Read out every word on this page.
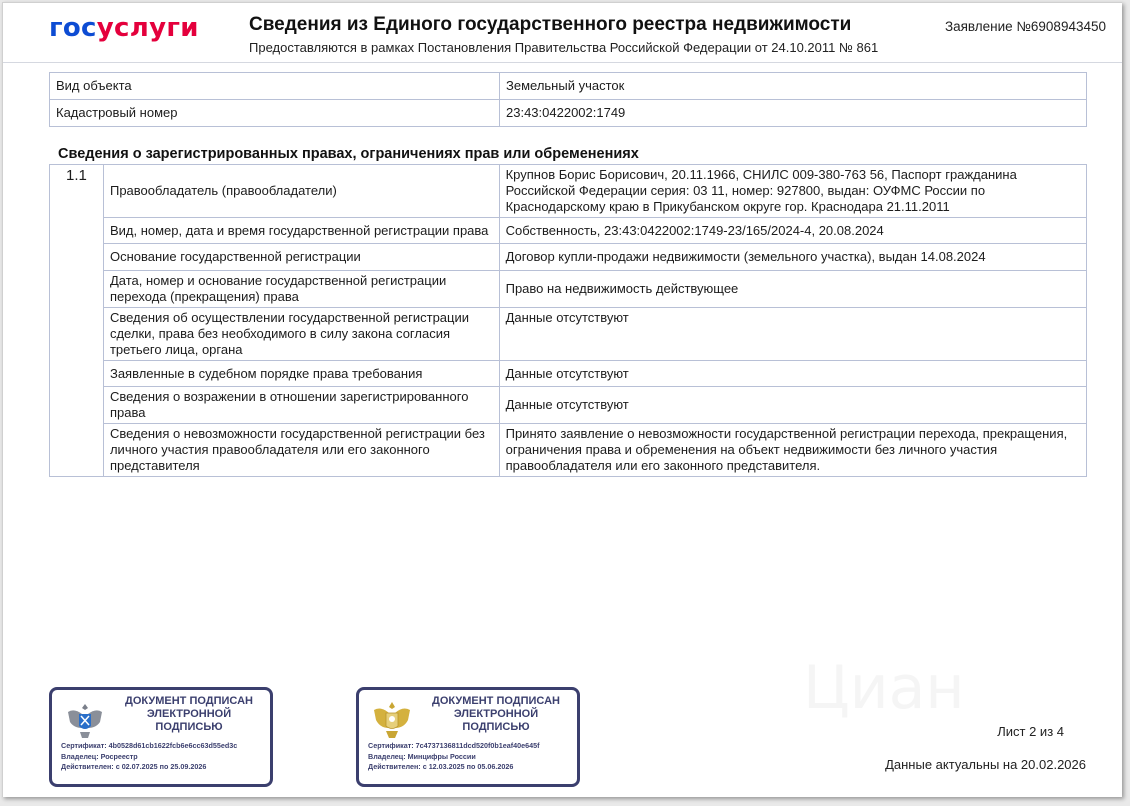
госуслуги	Сведения из Единого государственного реестра недвижимости
Предоставляются в рамках Постановления Правительства Российской Федерации от 24.10.2011 № 861
Заявление №6908943450
Вид объекта	Земельный участок
Кадастровый номер	23:43:0422002:1749
Сведения о зарегистрированных правах, ограничениях прав или обременениях
1.1	Правообладатель (правообладатели)	Крупнов Борис Борисович, 20.11.1966, СНИЛС 009-380-763 56, Паспорт гражданина Российской Федерации серия: 03 11, номер: 927800, выдан: ОУФМС России по Краснодарскому краю в Прикубанском округе гор. Краснодара 21.11.2011
	Вид, номер, дата и время государственной регистрации права	Собственность, 23:43:0422002:1749-23/165/2024-4, 20.08.2024
	Основание государственной регистрации	Договор купли-продажи недвижимости (земельного участка), выдан 14.08.2024
	Дата, номер и основание государственной регистрации перехода (прекращения) права	Право на недвижимость действующее
	Сведения об осуществлении государственной регистрации сделки, права без необходимого в силу закона согласия третьего лица, органа	Данные отсутствуют
	Заявленные в судебном порядке права требования	Данные отсутствуют
	Сведения о возражении в отношении зарегистрированного права	Данные отсутствуют
	Сведения о невозможности государственной регистрации без личного участия правообладателя или его законного представителя	Принято заявление о невозможности государственной регистрации перехода, прекращения, ограничения права и обременения на объект недвижимости без личного участия правообладателя или его законного представителя.
Циан
ДОКУМЕНТ ПОДПИСАН
ЭЛЕКТРОННОЙ
ПОДПИСЬЮ
Сертификат: 4b0528d61cb1622fcb6e6cc63d55ed3c
Владелец: Росреестр
Действителен: с 02.07.2025 по 25.09.2026
ДОКУМЕНТ ПОДПИСАН
ЭЛЕКТРОННОЙ
ПОДПИСЬЮ
Сертификат: 7c4737136811dcd520f0b1eaf40e645f
Владелец: Минцифры России
Действителен: с 12.03.2025 по 05.06.2026
Лист 2 из 4
Данные актуальны на 20.02.2026
